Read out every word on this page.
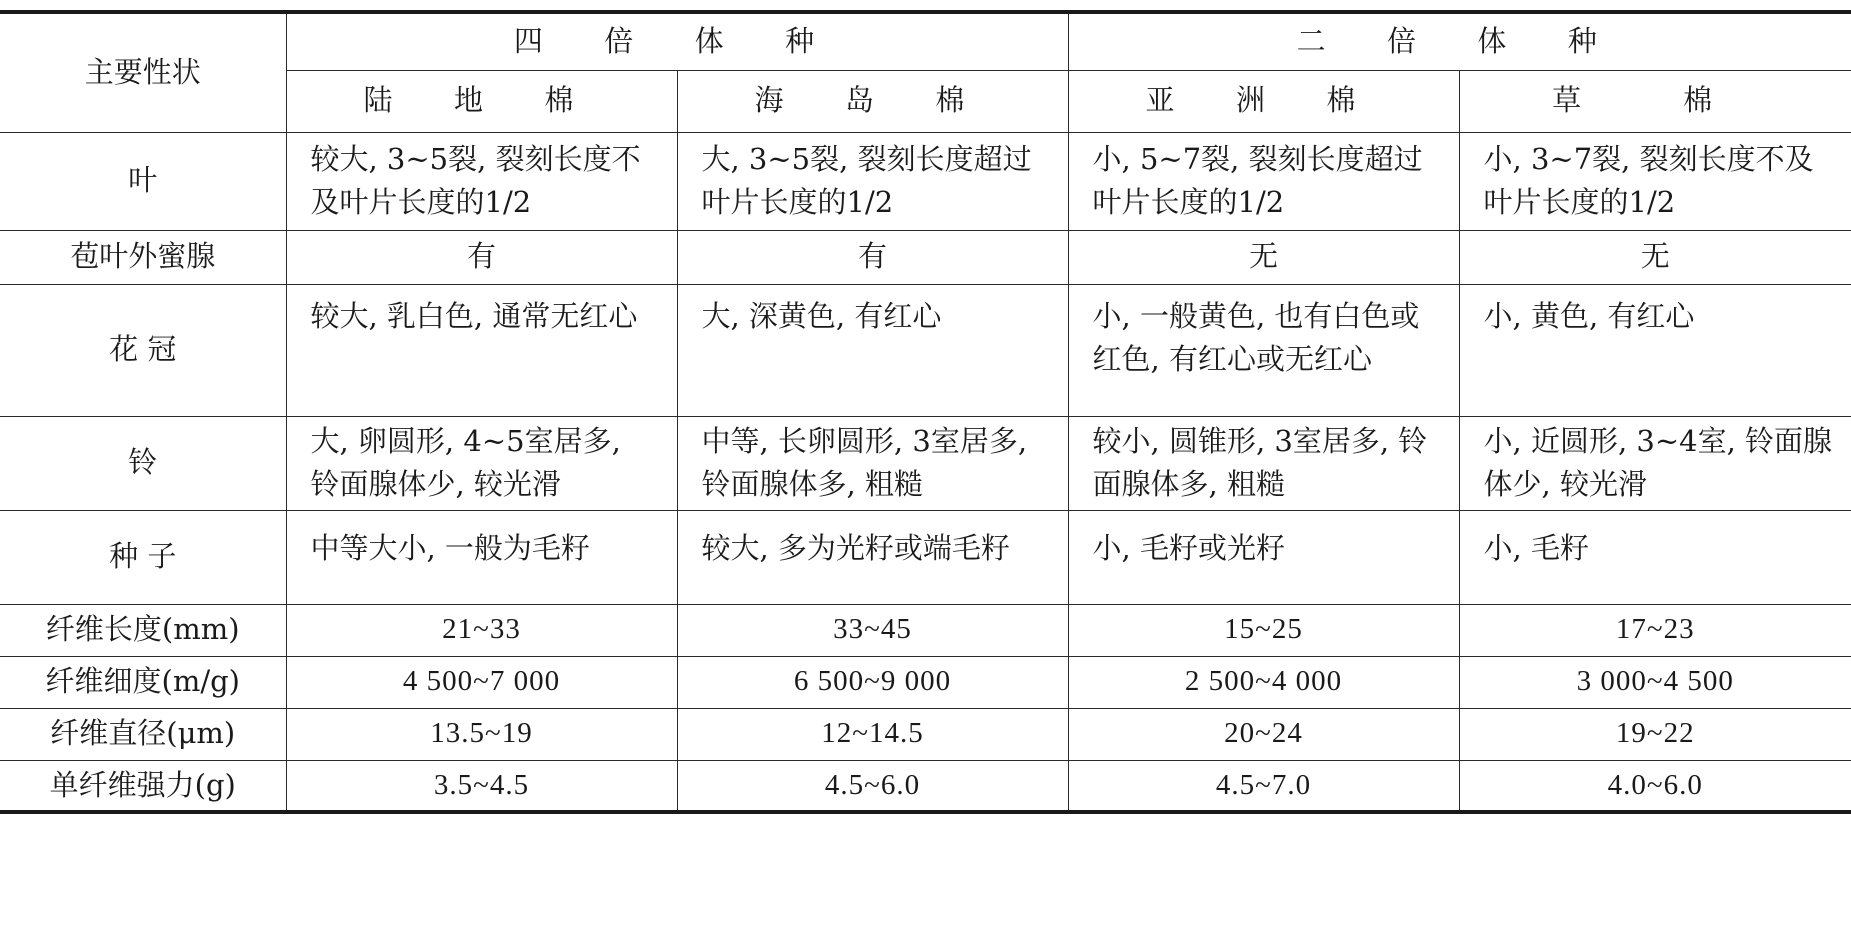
主要性状	四 倍 体 种		二 倍 体 种	
	陆 地 棉	海 岛 棉	亚 洲 棉	草 棉
叶	较大, 3~5裂, 裂刻长度不及叶片长度的1/2	大, 3~5裂, 裂刻长度超过叶片长度的1/2	小, 5~7裂, 裂刻长度超过叶片长度的1/2	小, 3~7裂, 裂刻长度不及叶片长度的1/2
苞叶外蜜腺	有	有	无	无
花 冠	较大, 乳白色, 通常无红心	大, 深黄色, 有红心	小, 一般黄色, 也有白色或红色, 有红心或无红心	小, 黄色, 有红心
铃	大, 卵圆形, 4~5室居多, 铃面腺体少, 较光滑	中等, 长卵圆形, 3室居多, 铃面腺体多, 粗糙	较小, 圆锥形, 3室居多, 铃面腺体多, 粗糙	小, 近圆形, 3~4室, 铃面腺体少, 较光滑
种 子	中等大小, 一般为毛籽	较大, 多为光籽或端毛籽	小, 毛籽或光籽	小, 毛籽
纤维长度(mm)	21~33	33~45	15~25	17~23
纤维细度(m/g)	4 500~7 000	6 500~9 000	2 500~4 000	3 000~4 500
纤维直径(μm)	13.5~19	12~14.5	20~24	19~22
单纤维强力(g)	3.5~4.5	4.5~6.0	4.5~7.0	4.0~6.0
